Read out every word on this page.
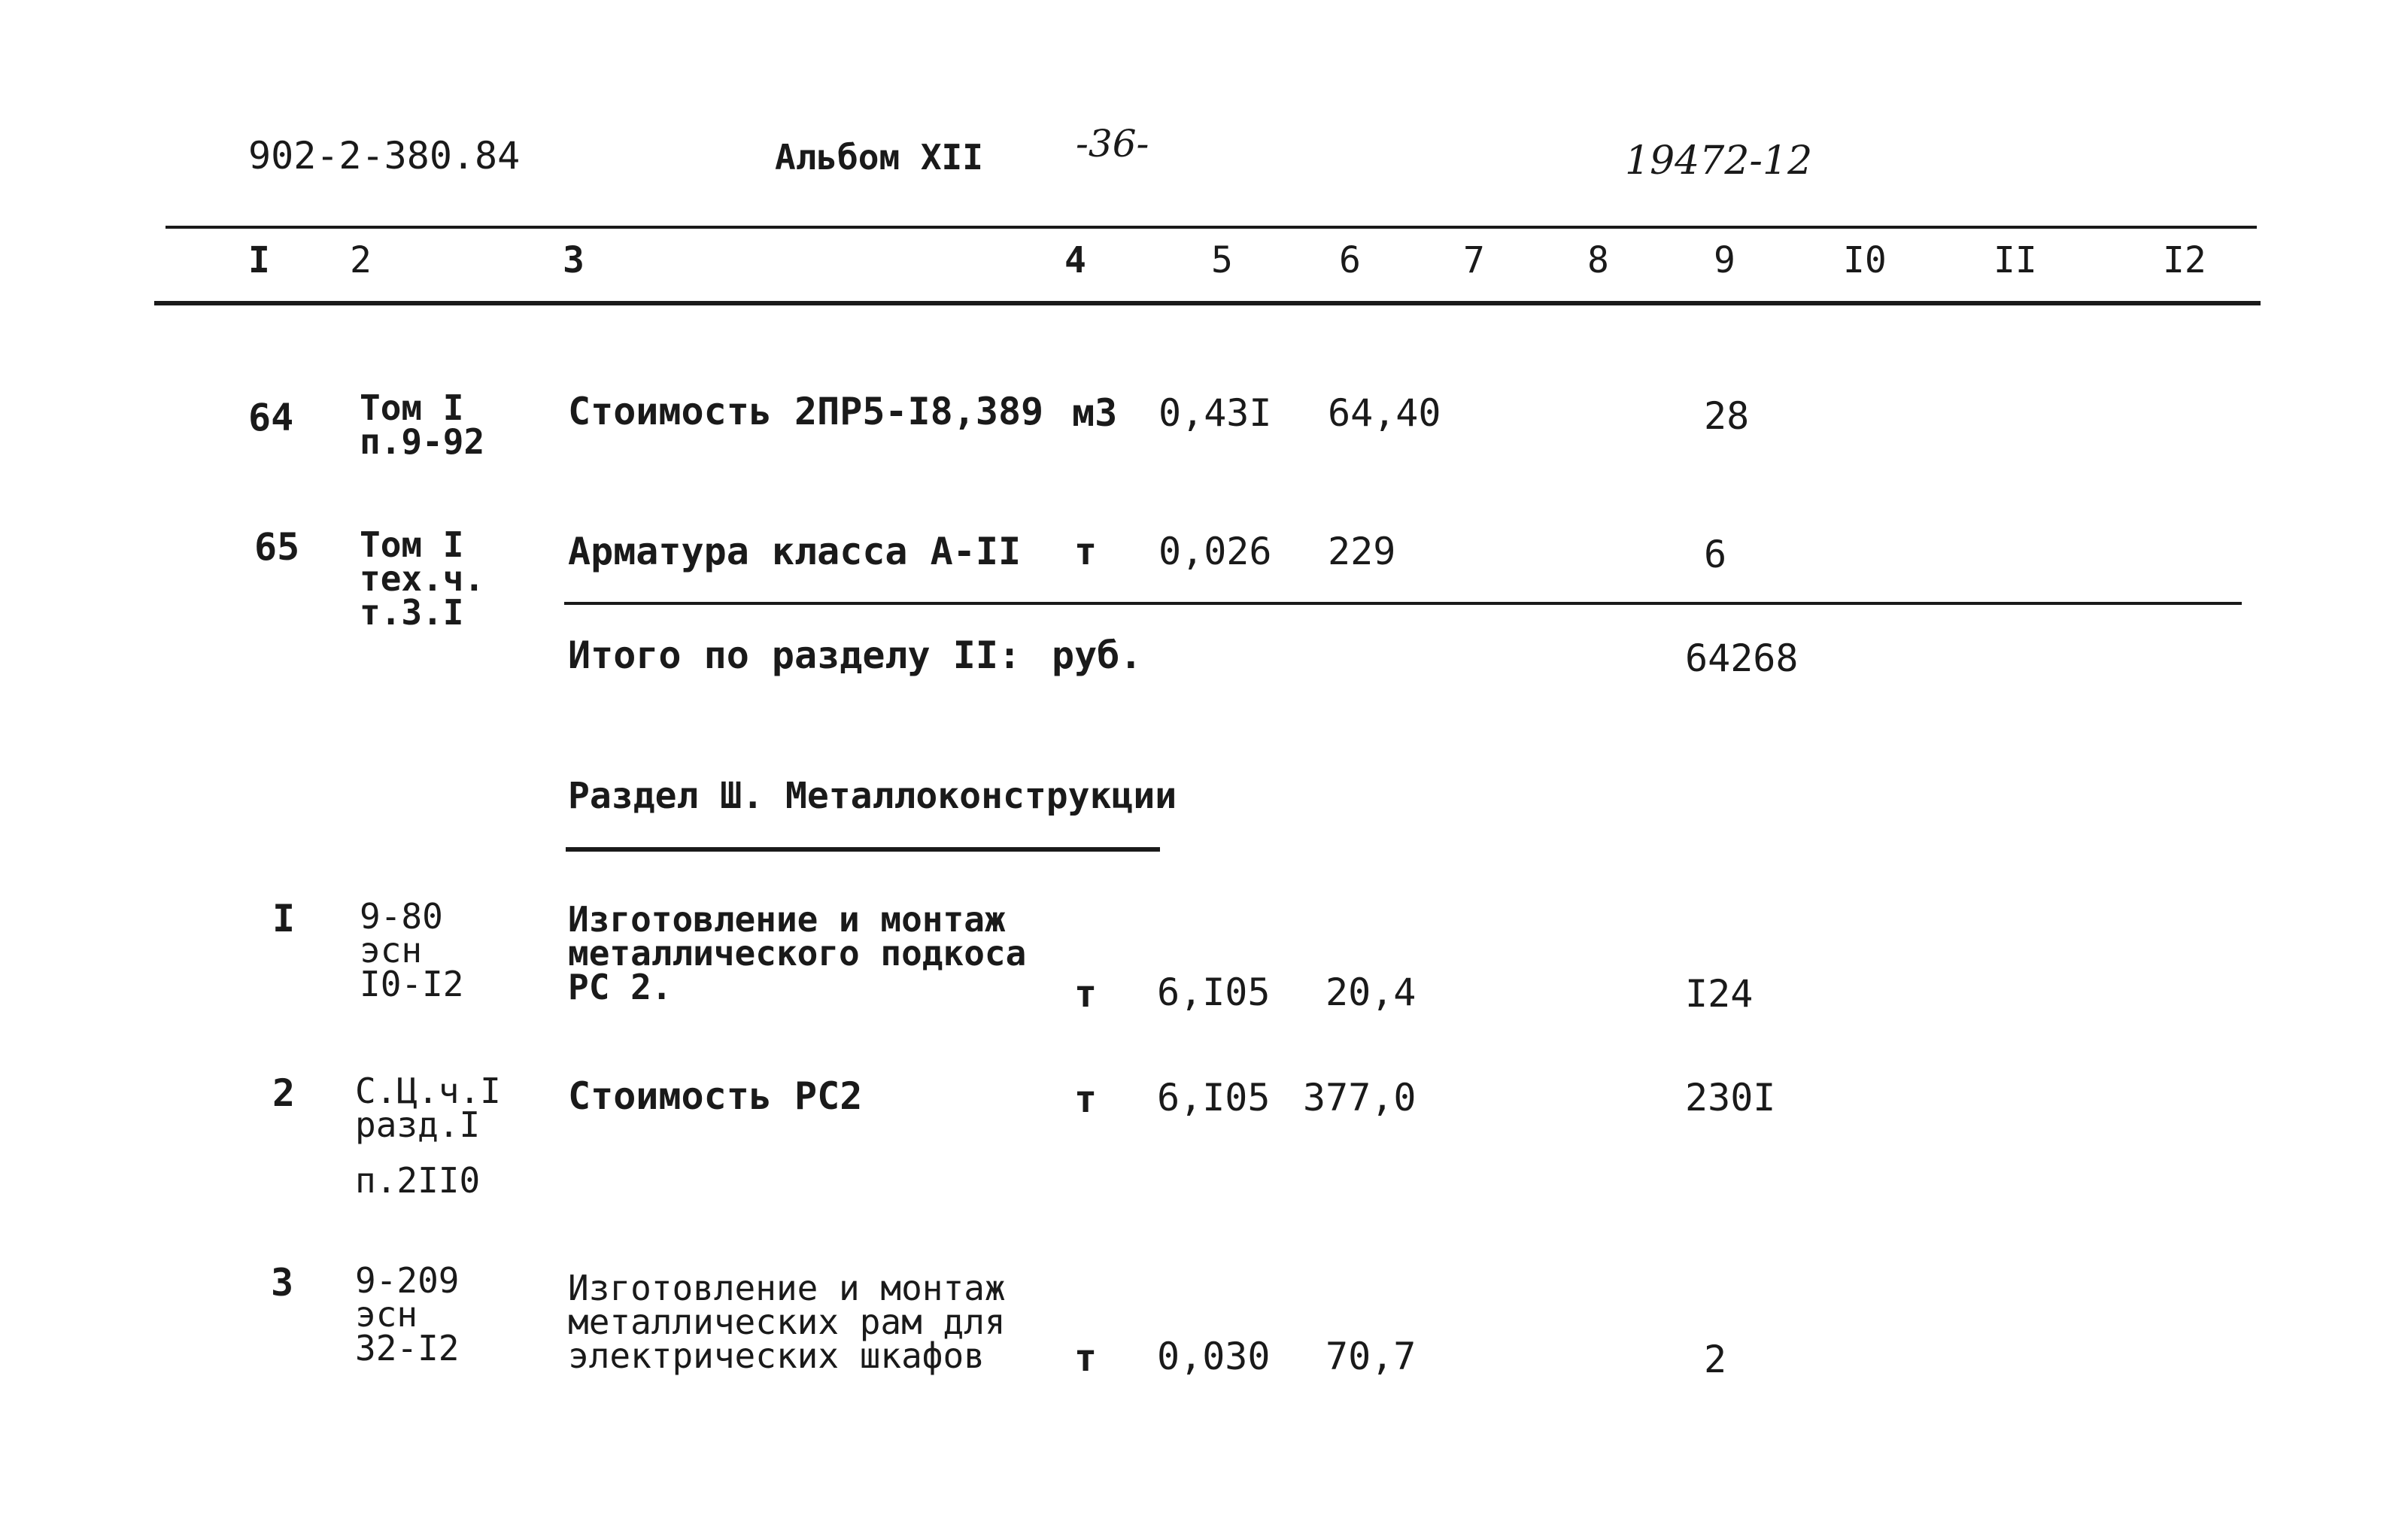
902-2-380.84	Альбом XII -36-	19472-12
I 2	3	4	5	6	7	8	9	I0	II	I2
64 Том I
п.9-92
Стоимость 2ПР5-I8,389 м3 0,43I 64,40	28
65 Том I
тех.ч.
т.3.I
Арматура класса А-II т 0,026 229	6
Итого по разделу II: руб.	64268
Раздел Ш. Металлоконструкции
I 9-80
эсн
I0-I2
Изготовление и монтаж
металлического подкоса
РС 2.	т 6,I05 20,4	I24
2 С.Ц.ч.I
разд.I
п.2II0
Стоимость РС2	т 6,I05 377,0	230I
3 9-209
эсн
32-I2
Изготовление и монтаж
металлических рам для
электрических шкафов	т 0,030 70,7	2
